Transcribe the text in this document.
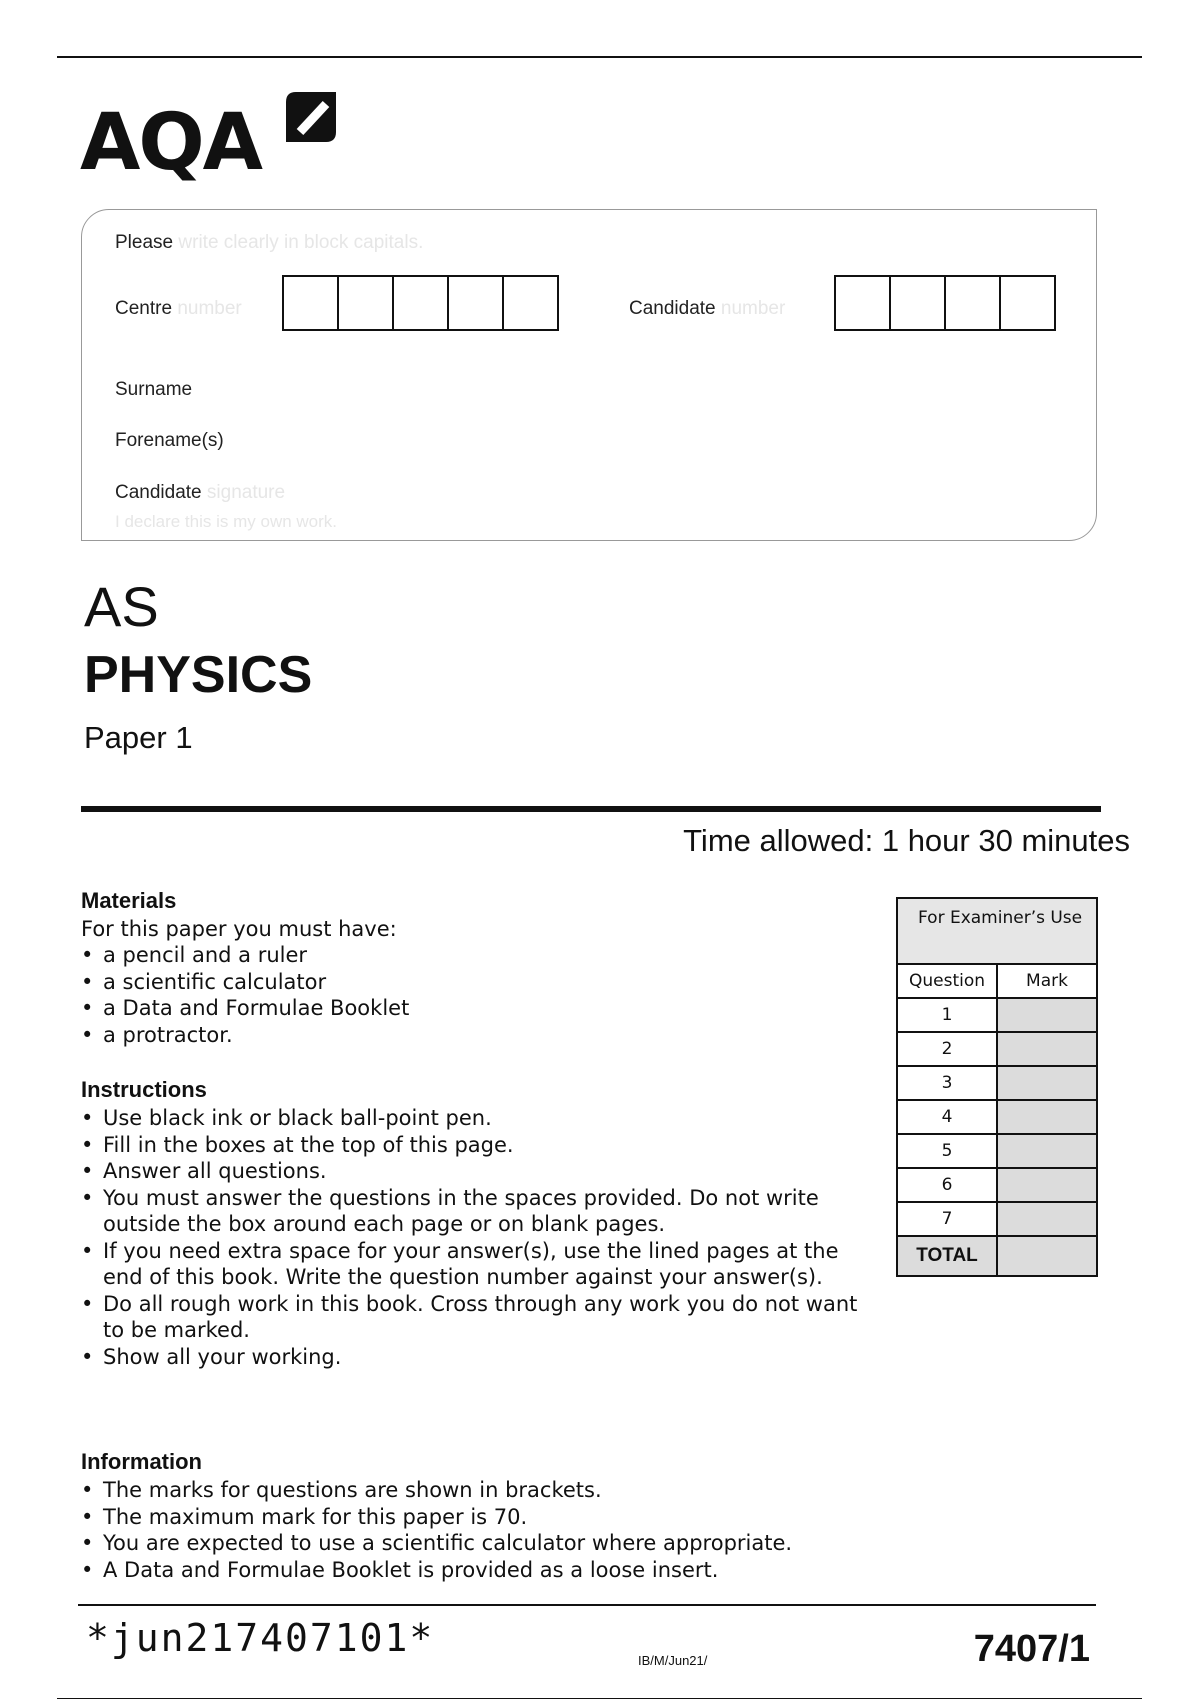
AQA
Please write clearly in block capitals.
Centre number	Candidate number
Surname
Forename(s)
Candidate signature
I declare this is my own work.
AS
PHYSICS
Paper 1
Time allowed: 1 hour 30 minutes
Materials
For this paper you must have:
• a pencil and a ruler
• a scientific calculator
• a Data and Formulae Booklet
• a protractor.
Instructions
• Use black ink or black ball-point pen.
• Fill in the boxes at the top of this page.
• Answer all questions.
• You must answer the questions in the spaces provided. Do not write outside the box around each page or on blank pages.
• If you need extra space for your answer(s), use the lined pages at the end of this book. Write the question number against your answer(s).
• Do all rough work in this book. Cross through any work you do not want to be marked.
• Show all your working.
Information
• The marks for questions are shown in brackets.
• The maximum mark for this paper is 70.
• You are expected to use a scientific calculator where appropriate.
• A Data and Formulae Booklet is provided as a loose insert.
For Examiner’s Use	
Question	Mark
1	
2	
3	
4	
5	
6	
7	
TOTAL	
*jun217407101*
IB/M/Jun21/	7407/1
